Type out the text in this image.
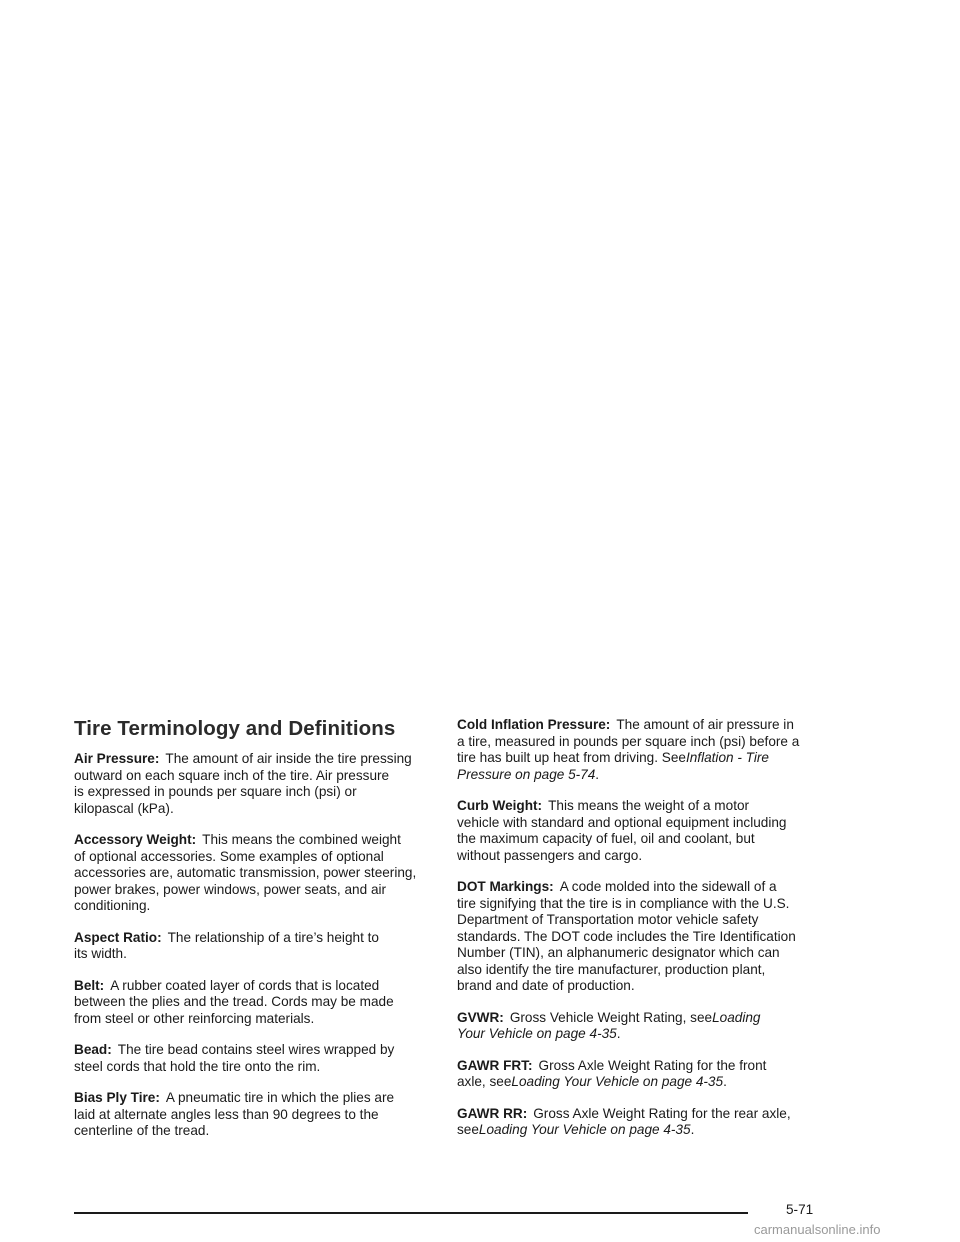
Tire Terminology and Definitions

Air Pressure: The amount of air inside the tire pressing
outward on each square inch of the tire. Air pressure
is expressed in pounds per square inch (psi) or
kilopascal (kPa).

Accessory Weight: This means the combined weight
of optional accessories. Some examples of optional
accessories are, automatic transmission, power steering,
power brakes, power windows, power seats, and air
conditioning.

Aspect Ratio: The relationship of a tire’s height to
its width.

Belt: A rubber coated layer of cords that is located
between the plies and the tread. Cords may be made
from steel or other reinforcing materials.

Bead: The tire bead contains steel wires wrapped by
steel cords that hold the tire onto the rim.

Bias Ply Tire: A pneumatic tire in which the plies are
laid at alternate angles less than 90 degrees to the
centerline of the tread.

Cold Inflation Pressure: The amount of air pressure in
a tire, measured in pounds per square inch (psi) before a
tire has built up heat from driving. SeeInflation - Tire
Pressure on page 5-74.

Curb Weight: This means the weight of a motor
vehicle with standard and optional equipment including
the maximum capacity of fuel, oil and coolant, but
without passengers and cargo.

DOT Markings: A code molded into the sidewall of a
tire signifying that the tire is in compliance with the U.S.
Department of Transportation motor vehicle safety
standards. The DOT code includes the Tire Identification
Number (TIN), an alphanumeric designator which can
also identify the tire manufacturer, production plant,
brand and date of production.

GVWR: Gross Vehicle Weight Rating, seeLoading
Your Vehicle on page 4-35.

GAWR FRT: Gross Axle Weight Rating for the front
axle, seeLoading Your Vehicle on page 4-35.

GAWR RR: Gross Axle Weight Rating for the rear axle,
seeLoading Your Vehicle on page 4-35.

5-71
carmanualsonline.info
